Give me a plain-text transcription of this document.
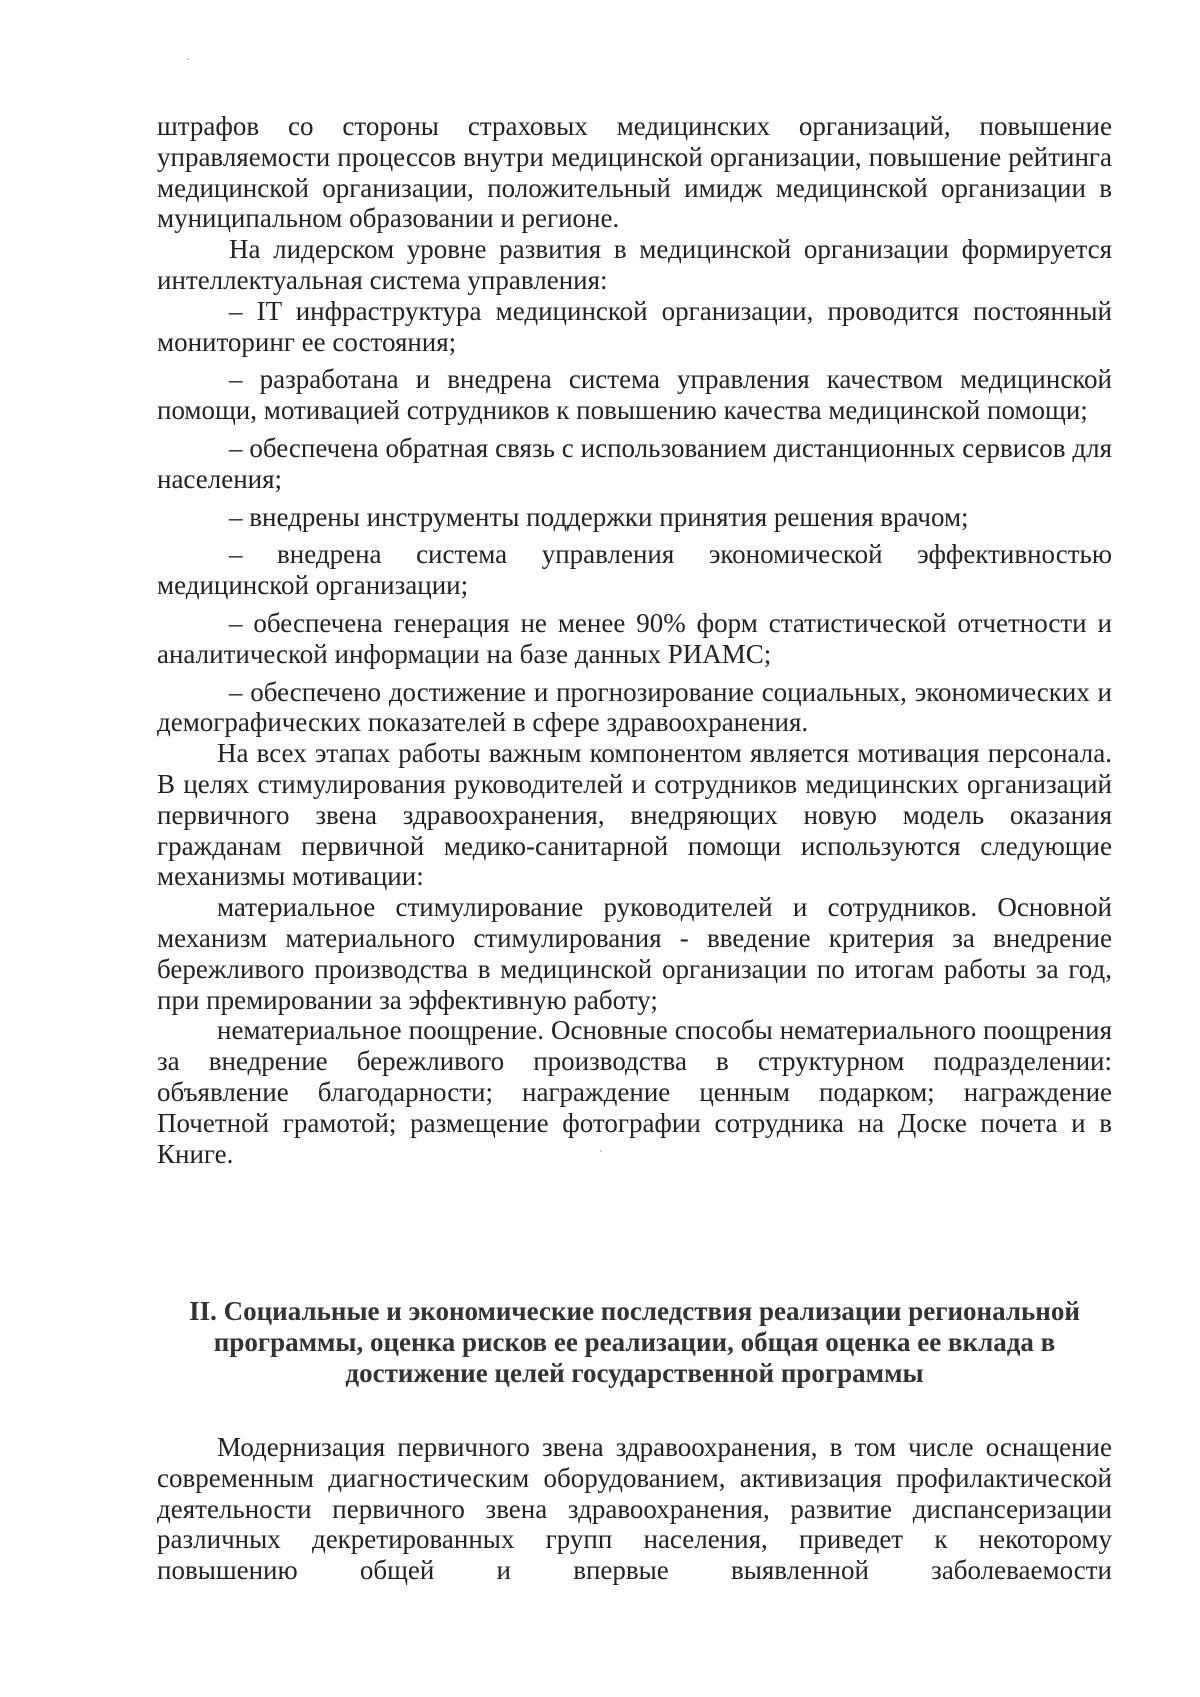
штрафов со стороны страховых медицинских организаций, повышение управляемости процессов внутри медицинской организации, повышение рейтинга медицинской организации, положительный имидж медицинской организации в муниципальном образовании и регионе.

На лидерском уровне развития в медицинской организации формируется интеллектуальная система управления:

– IT инфраструктура медицинской организации, проводится постоянный мониторинг ее состояния;

– разработана и внедрена система управления качеством медицинской помощи, мотивацией сотрудников к повышению качества медицинской помощи;

– обеспечена обратная связь с использованием дистанционных сервисов для населения;

– внедрены инструменты поддержки принятия решения врачом;

– внедрена система управления экономической эффективностью медицинской организации;

– обеспечена генерация не менее 90% форм статистической отчетности и аналитической информации на базе данных РИАМС;

– обеспечено достижение и прогнозирование социальных, экономических и демографических показателей в сфере здравоохранения.

На всех этапах работы важным компонентом является мотивация персонала. В целях стимулирования руководителей и сотрудников медицинских организаций первичного звена здравоохранения, внедряющих новую модель оказания гражданам первичной медико-санитарной помощи используются следующие механизмы мотивации:

материальное стимулирование руководителей и сотрудников. Основной механизм материального стимулирования - введение критерия за внедрение бережливого производства в медицинской организации по итогам работы за год, при премировании за эффективную работу;

нематериальное поощрение. Основные способы нематериального поощрения за внедрение бережливого производства в структурном подразделении: объявление благодарности; награждение ценным подарком; награждение Почетной грамотой; размещение фотографии сотрудника на Доске почета и в Книге.

II. Социальные и экономические последствия реализации региональной программы, оценка рисков ее реализации, общая оценка ее вклада в достижение целей государственной программы

Модернизация первичного звена здравоохранения, в том числе оснащение современным диагностическим оборудованием, активизация профилактической деятельности первичного звена здравоохранения, развитие диспансеризации различных декретированных групп населения, приведет к некоторому повышению общей и впервые выявленной заболеваемости
